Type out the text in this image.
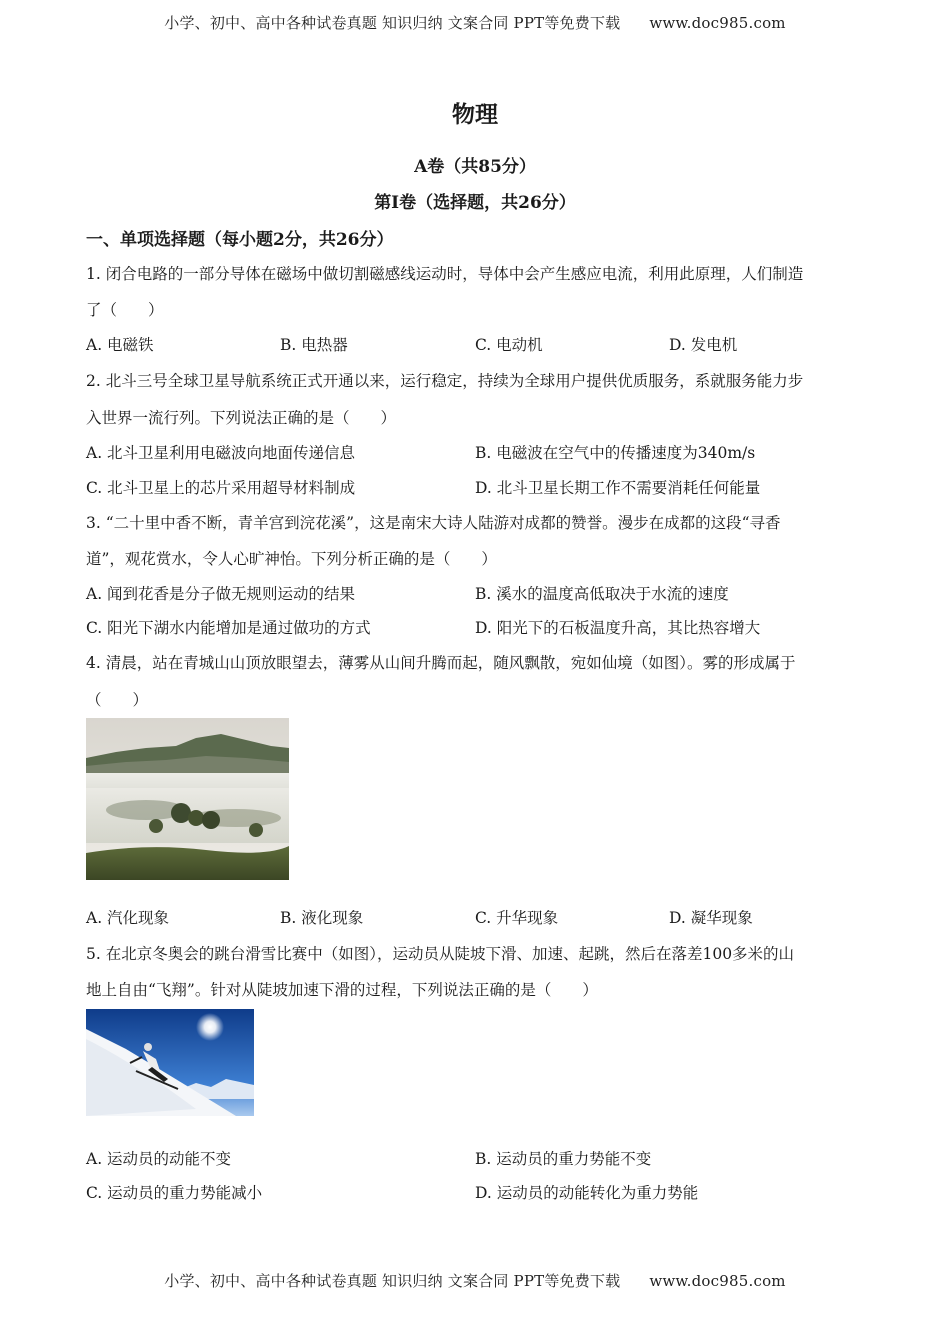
小学、初中、高中各种试卷真题 知识归纳 文案合同 PPT等免费下载 www.doc985.com
物理
A卷（共85分）
第Ⅰ卷（选择题，共26分）
一、单项选择题（每小题2分，共26分）
1. 闭合电路的一部分导体在磁场中做切割磁感线运动时，导体中会产生感应电流，利用此原理，人们制造
了（　　）
A. 电磁铁	B. 电热器	C. 电动机	D. 发电机
2. 北斗三号全球卫星导航系统正式开通以来，运行稳定，持续为全球用户提供优质服务，系就服务能力步
入世界一流行列。下列说法正确的是（　　）
A. 北斗卫星利用电磁波向地面传递信息	B. 电磁波在空气中的传播速度为340m/s
C. 北斗卫星上的芯片采用超导材料制成	D. 北斗卫星长期工作不需要消耗任何能量
3. “二十里中香不断，青羊宫到浣花溪”，这是南宋大诗人陆游对成都的赞誉。漫步在成都的这段“寻香
道”，观花赏水，令人心旷神怡。下列分析正确的是（　　）
A. 闻到花香是分子做无规则运动的结果	B. 溪水的温度高低取决于水流的速度
C. 阳光下湖水内能增加是通过做功的方式	D. 阳光下的石板温度升高，其比热容增大
4. 清晨，站在青城山山顶放眼望去，薄雾从山间升腾而起，随风飘散，宛如仙境（如图）。雾的形成属于
（　　）
A. 汽化现象	B. 液化现象	C. 升华现象	D. 凝华现象
5. 在北京冬奥会的跳台滑雪比赛中（如图），运动员从陡坡下滑、加速、起跳，然后在落差100多米的山
地上自由“飞翔”。针对从陡坡加速下滑的过程，下列说法正确的是（　　）
A. 运动员的动能不变	B. 运动员的重力势能不变
C. 运动员的重力势能减小	D. 运动员的动能转化为重力势能
小学、初中、高中各种试卷真题 知识归纳 文案合同 PPT等免费下载 www.doc985.com
